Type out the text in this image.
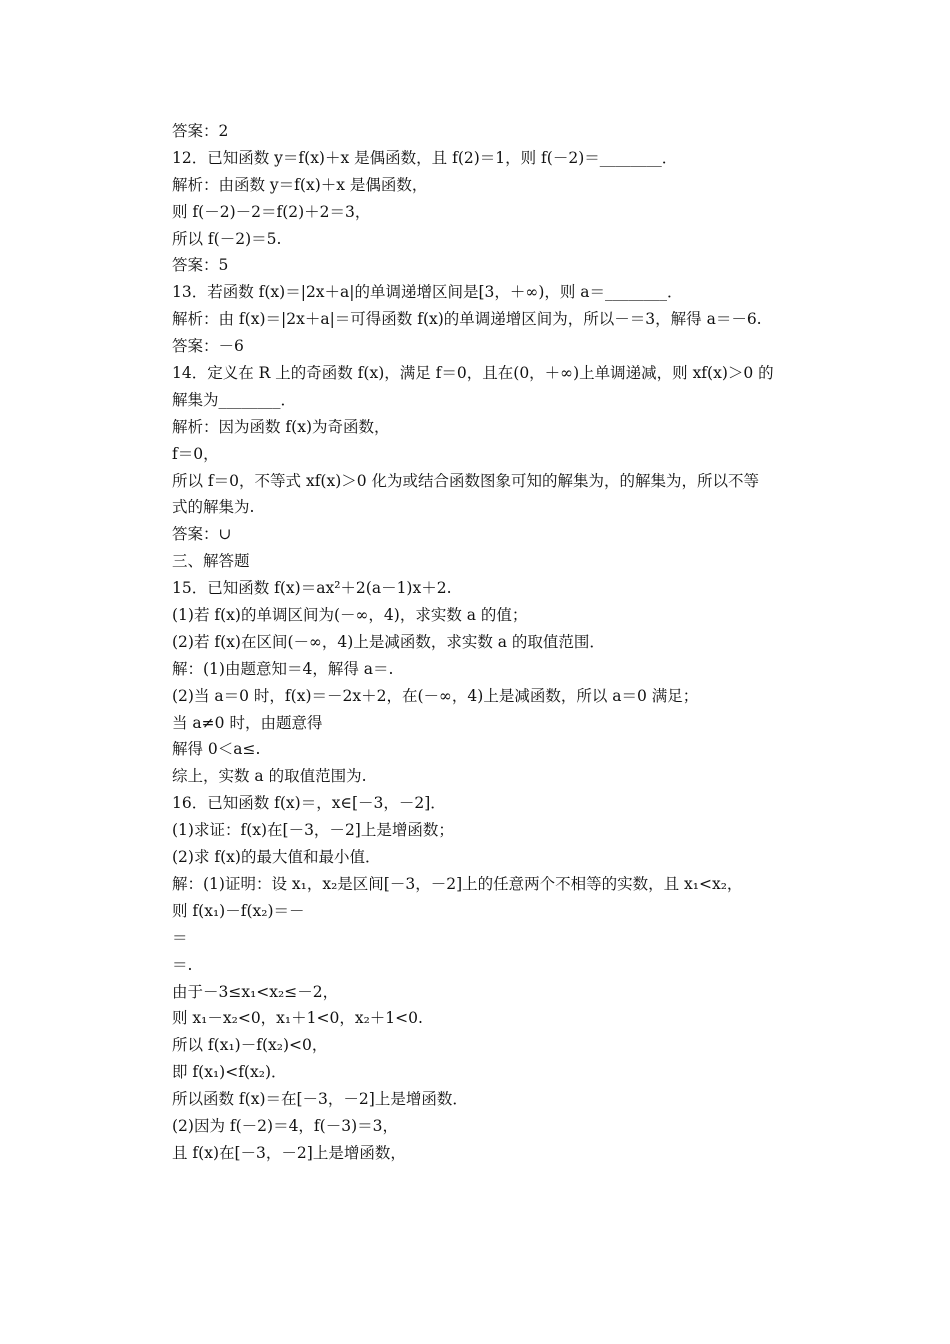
答案：2
12．已知函数 y＝f(x)＋x 是偶函数，且 f(2)＝1，则 f(－2)＝________．
解析：由函数 y＝f(x)＋x 是偶函数，
则 f(－2)－2＝f(2)＋2＝3，
所以 f(－2)＝5.
答案：5
13．若函数 f(x)＝|2x＋a|的单调递增区间是[3，＋∞)，则 a＝________．
解析：由 f(x)＝|2x＋a|＝可得函数 f(x)的单调递增区间为，所以－＝3，解得 a＝－6.
答案：－6
14．定义在 R 上的奇函数 f(x)，满足 f＝0，且在(0，＋∞)上单调递减，则 xf(x)＞0 的
解集为________．
解析：因为函数 f(x)为奇函数，
f＝0，
所以 f＝0，不等式 xf(x)＞0 化为或结合函数图象可知的解集为，的解集为，所以不等
式的解集为.
答案：∪
三、解答题
15．已知函数 f(x)＝ax²＋2(a－1)x＋2.
(1)若 f(x)的单调区间为(－∞，4)，求实数 a 的值；
(2)若 f(x)在区间(－∞，4)上是减函数，求实数 a 的取值范围．
解：(1)由题意知＝4，解得 a＝.
(2)当 a＝0 时，f(x)＝－2x＋2，在(－∞，4)上是减函数，所以 a＝0 满足；
当 a≠0 时，由题意得
解得 0＜a≤.
综上，实数 a 的取值范围为.
16．已知函数 f(x)＝，x∈[－3，－2]．
(1)求证：f(x)在[－3，－2]上是增函数；
(2)求 f(x)的最大值和最小值．
解：(1)证明：设 x₁，x₂是区间[－3，－2]上的任意两个不相等的实数，且 x₁<x₂，
则 f(x₁)－f(x₂)＝－
＝
＝.
由于－3≤x₁<x₂≤－2，
则 x₁－x₂<0，x₁＋1<0，x₂＋1<0.
所以 f(x₁)－f(x₂)<0，
即 f(x₁)<f(x₂)．
所以函数 f(x)＝在[－3，－2]上是增函数．
(2)因为 f(－2)＝4，f(－3)＝3，
且 f(x)在[－3，－2]上是增函数，
